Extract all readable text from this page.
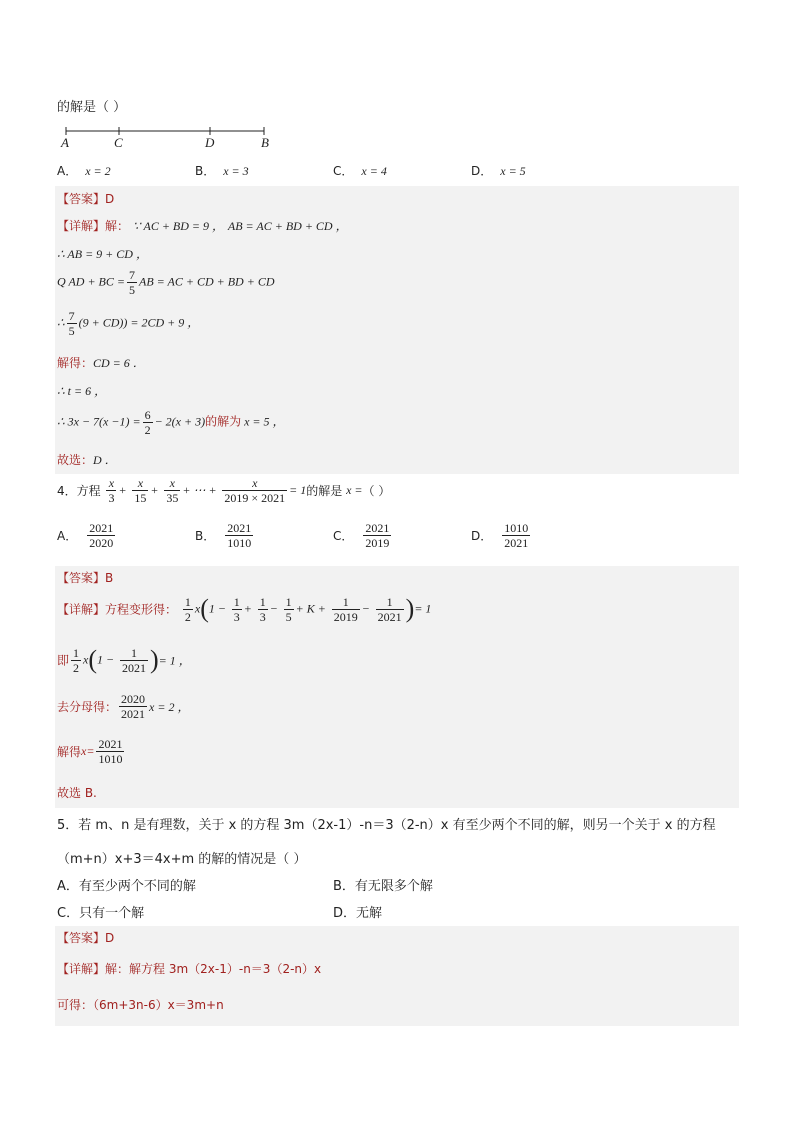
的解是（ ）
A	C	D	B
A． x = 2	B． x = 3	C． x = 4	D． x = 5
【答案】D
【详解】解： ∵ AC + BD = 9 ， AB = AC + BD + CD ，
∴ AB = 9 + CD ，
Q AD + BC = $\frac{7}{5}$ AB = AC + CD + BD + CD
∴ $\frac{7}{5} (9 + CD)) = 2CD + 9$ ，
解得：CD = 6 ．
∴ t = 6 ，
∴ $3x - 7(x -1) = \frac{6}{2} - 2(x + 3)$的解为 x = 5 ，
故选：D ．
4．方程 $\frac{x}{3} + \frac{x}{15} + \frac{x}{35}$ + ⋯ + $\frac{x}{2019 \times 2021} = 1$的解是 x =（ ）
A． $\frac{2021}{2020}$	B． $\frac{2021}{1010}$	C． $\frac{2021}{2019}$	D． $\frac{1010}{2021}$
【答案】B
【详解】方程变形得： $\frac{1}{2} x(1 - \frac{1}{3} + \frac{1}{3} - \frac{1}{5} + K + \frac{1}{2019} - \frac{1}{2021}$ )= 1
即 $\frac{1}{2} x(1 - \frac{1}{2021}$ )= 1 ，
去分母得： $\frac{2020}{2021}$ x = 2 ，
解得$x= \frac{2021}{1010}$
故选 B.
5．若 m、n 是有理数，关于 x 的方程 3m（2x-1）-n＝3（2-n）x 有至少两个不同的解，则另一个关于 x 的方程
（m+n）x+3＝4x+m 的解的情况是（ ）
A．有至少两个不同的解	B．有无限多个解
C．只有一个解	D．无解
【答案】D
【详解】解：解方程 3m（2x-1）-n＝3（2-n）x
可得：（6m+3n-6）x＝3m+n
